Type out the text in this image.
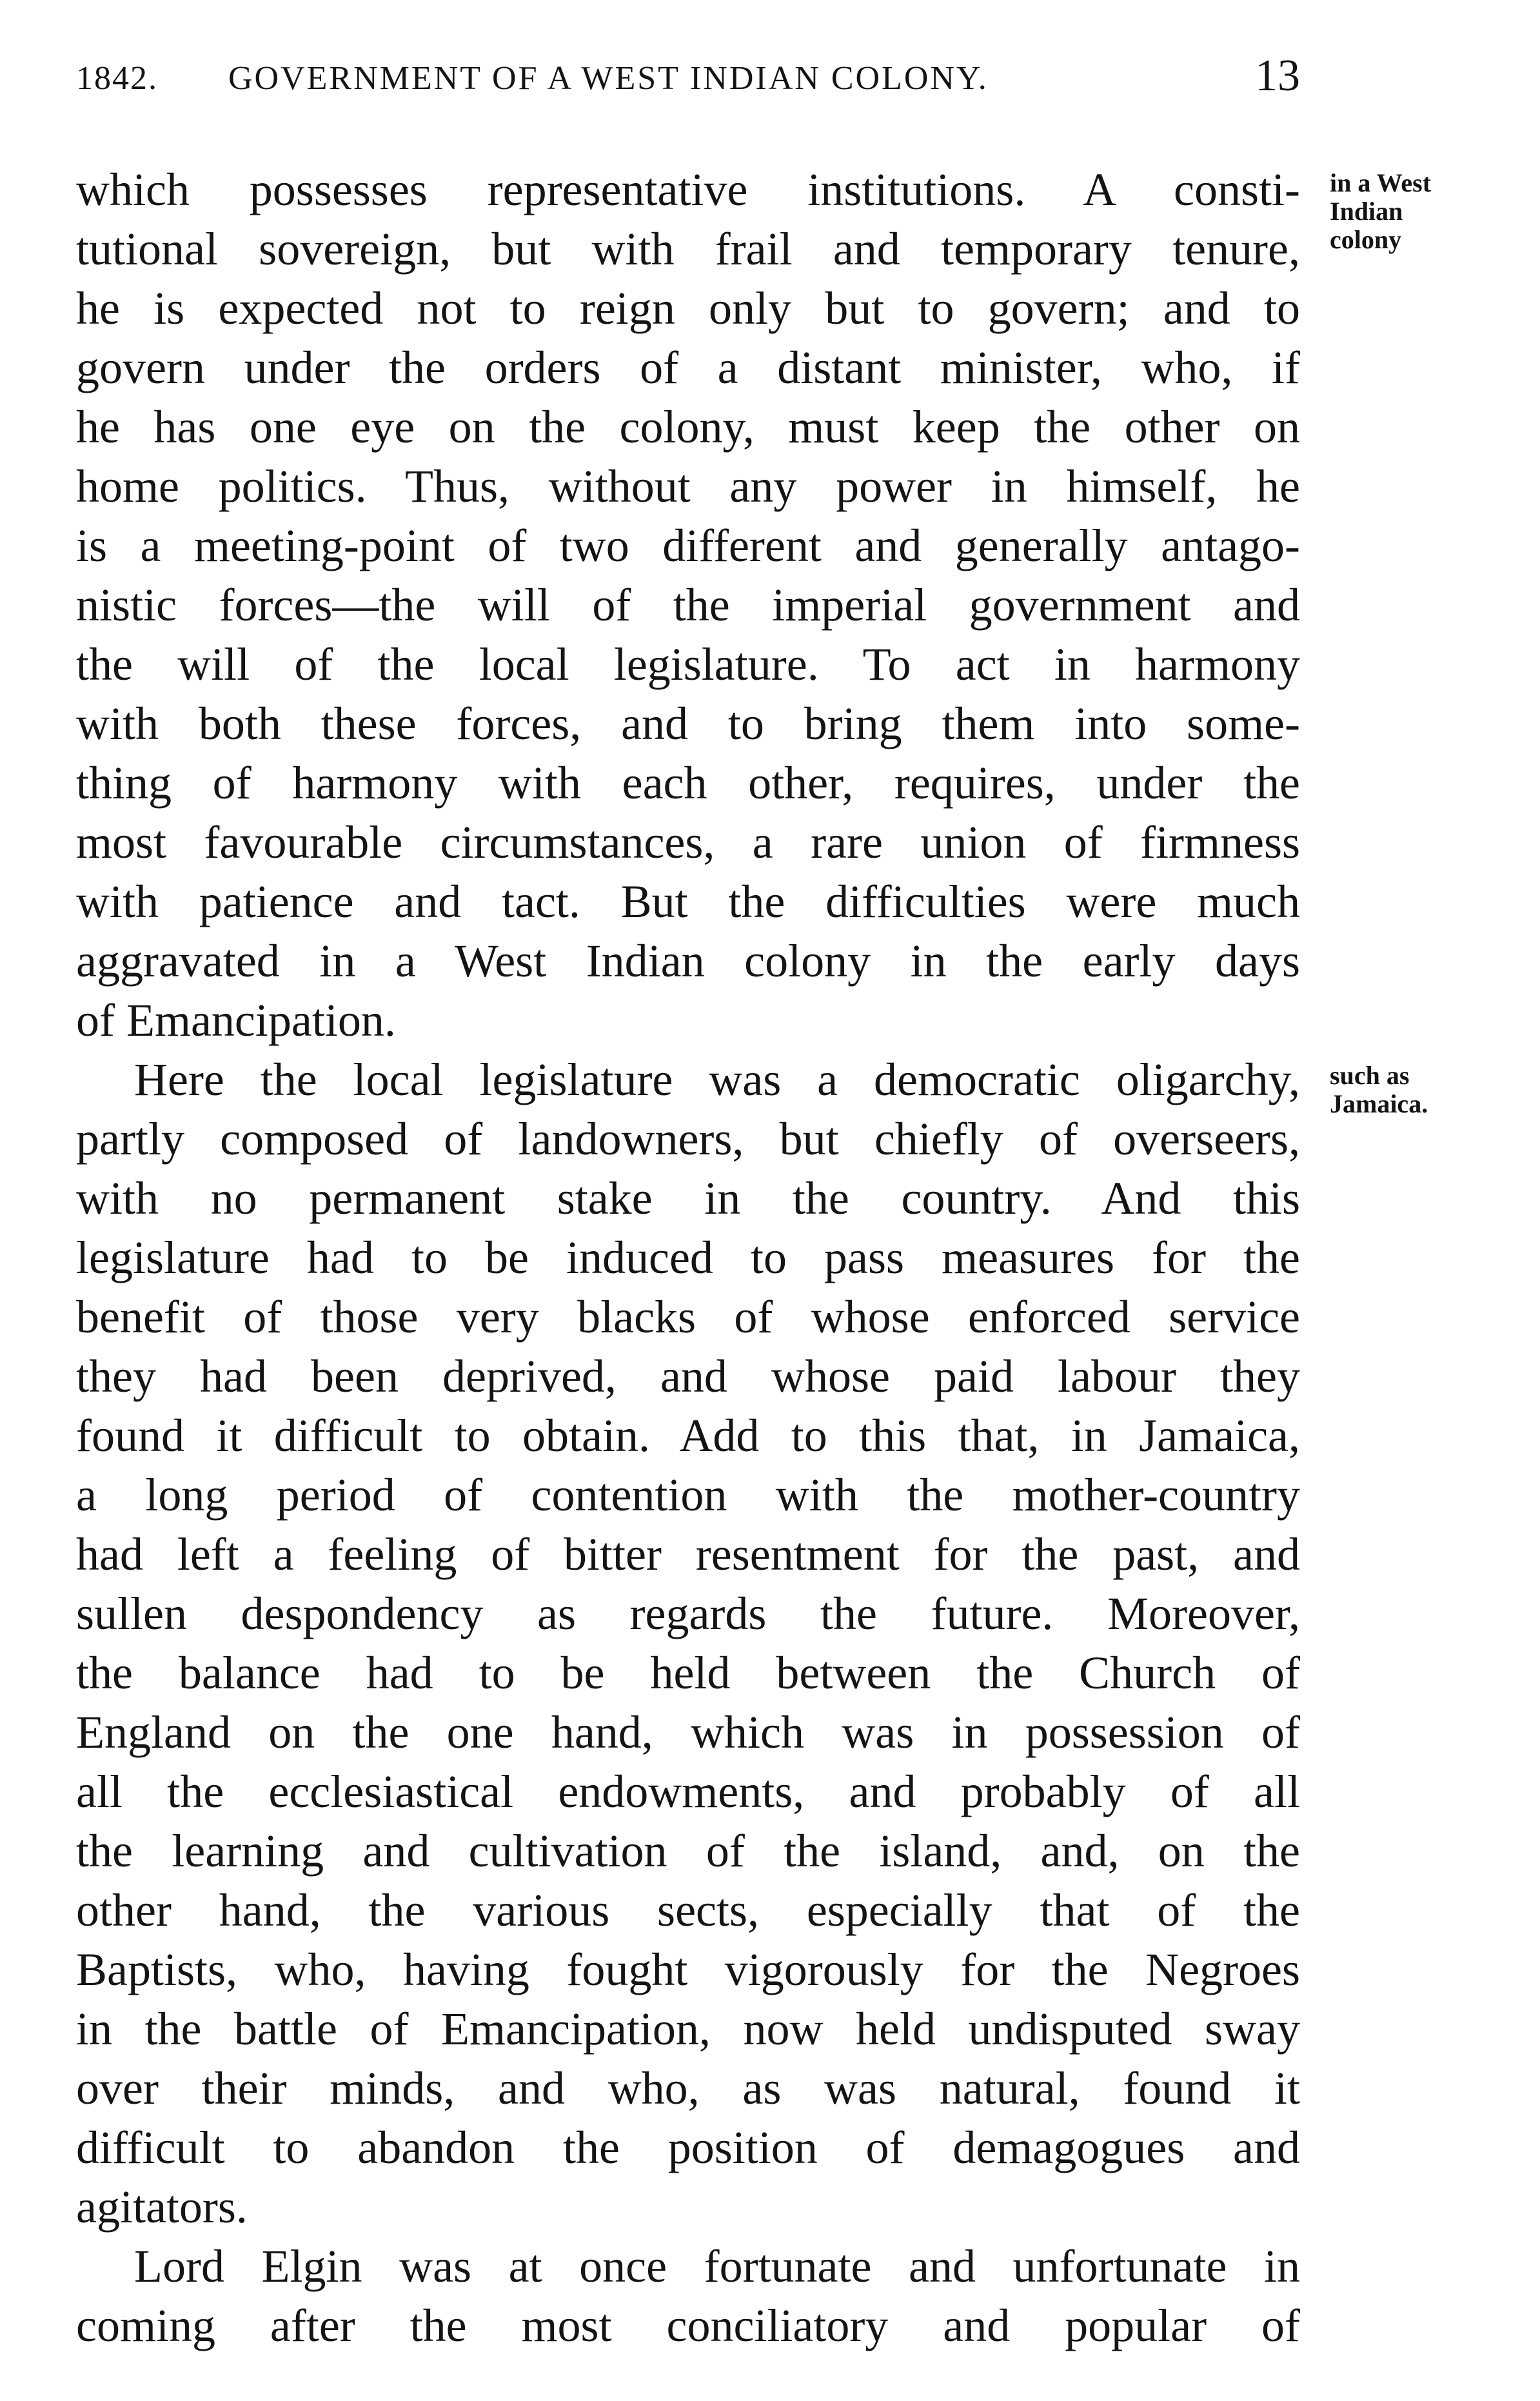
1842. GOVERNMENT OF A WEST INDIAN COLONY.	13
in a West
Indian
colony
such as
Jamaica.
which possesses representative institutions. A consti-
tutional sovereign, but with frail and temporary tenure,
he is expected not to reign only but to govern; and to
govern under the orders of a distant minister, who, if
he has one eye on the colony, must keep the other on
home politics. Thus, without any power in himself, he
is a meeting-point of two different and generally antago-
nistic forces—the will of the imperial government and
the will of the local legislature. To act in harmony
with both these forces, and to bring them into some-
thing of harmony with each other, requires, under the
most favourable circumstances, a rare union of firmness
with patience and tact. But the difficulties were much
aggravated in a West Indian colony in the early days
of Emancipation.
Here the local legislature was a democratic oligarchy,
partly composed of landowners, but chiefly of overseers,
with no permanent stake in the country. And this
legislature had to be induced to pass measures for the
benefit of those very blacks of whose enforced service
they had been deprived, and whose paid labour they
found it difficult to obtain. Add to this that, in Jamaica,
a long period of contention with the mother-country
had left a feeling of bitter resentment for the past, and
sullen despondency as regards the future. Moreover,
the balance had to be held between the Church of
England on the one hand, which was in possession of
all the ecclesiastical endowments, and probably of all
the learning and cultivation of the island, and, on the
other hand, the various sects, especially that of the
Baptists, who, having fought vigorously for the Negroes
in the battle of Emancipation, now held undisputed sway
over their minds, and who, as was natural, found it
difficult to abandon the position of demagogues and
agitators.
Lord Elgin was at once fortunate and unfortunate in
coming after the most conciliatory and popular of
